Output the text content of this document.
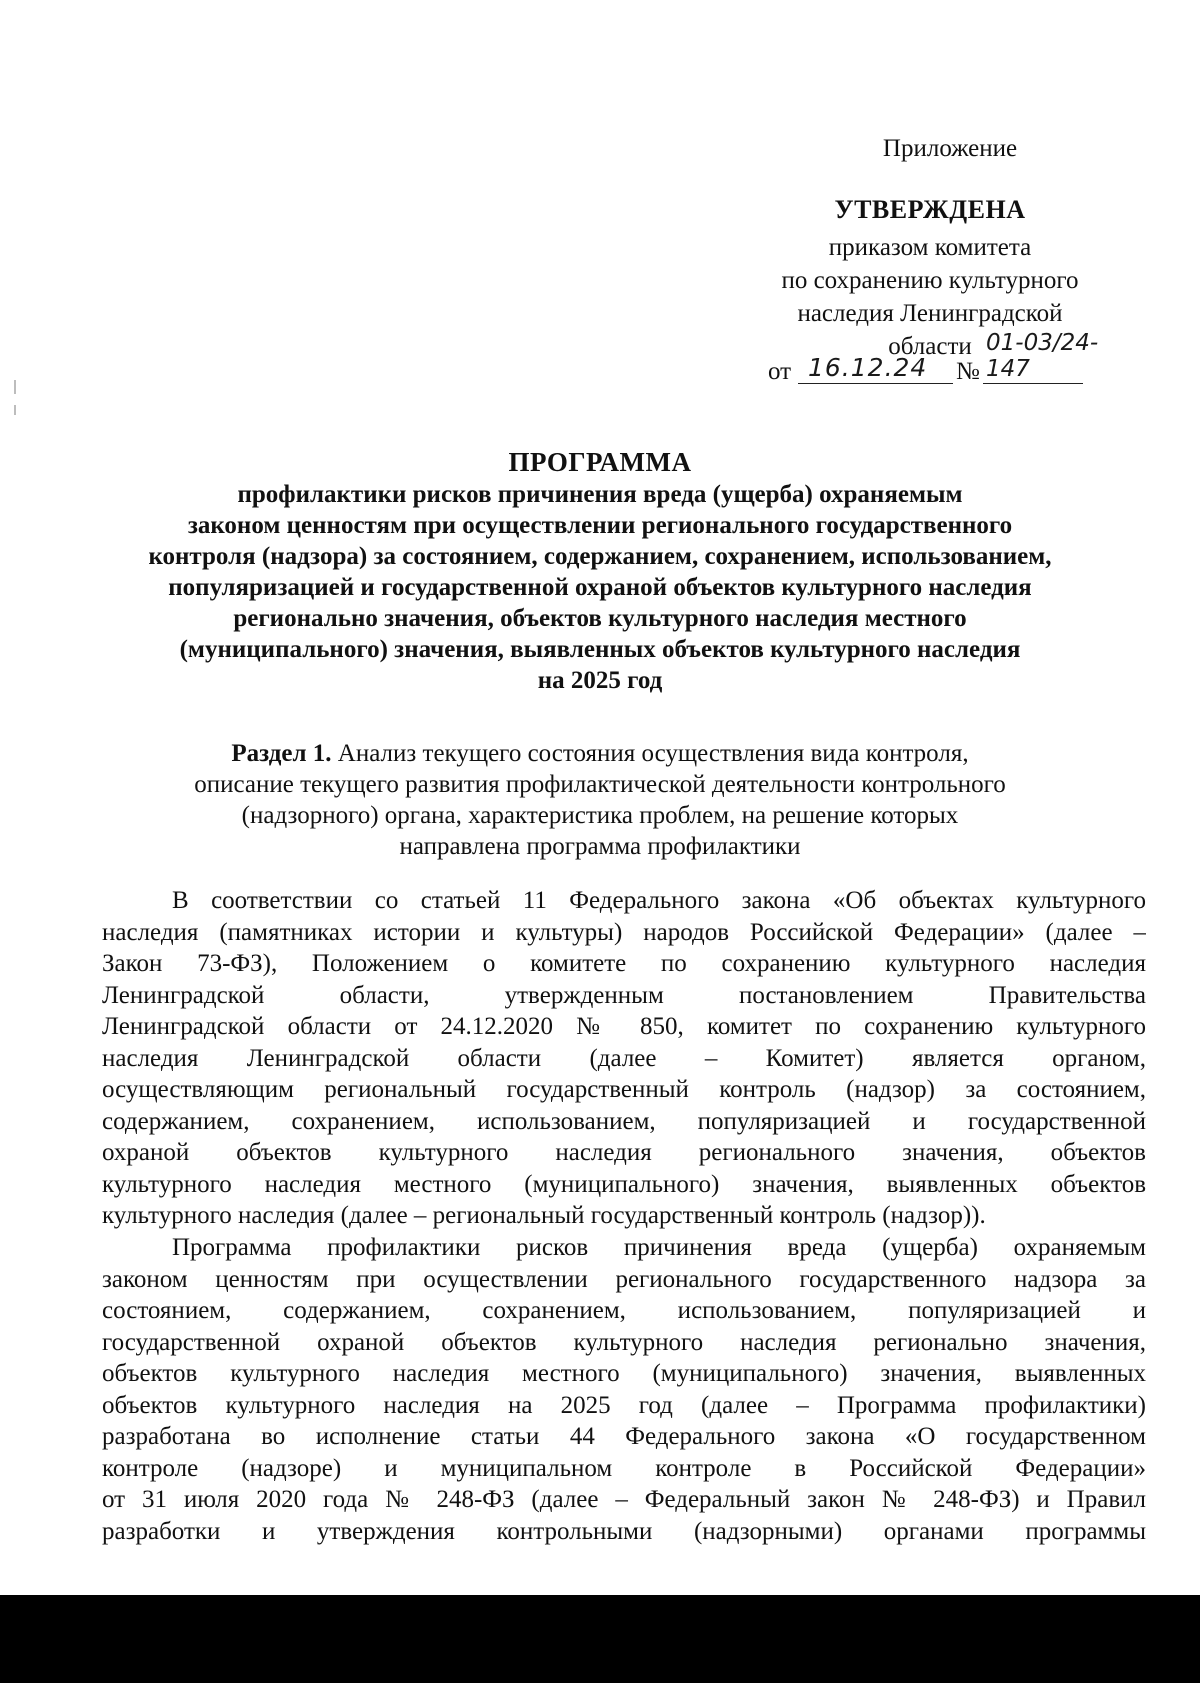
Приложение
УТВЕРЖДЕНА
приказом комитета
по сохранению культурного
наследия Ленинградской
области
от 16.12.24 №
01-03/24-147
ПРОГРАММА
профилактики рисков причинения вреда (ущерба) охраняемым
законом ценностям при осуществлении регионального государственного
контроля (надзора) за состоянием, содержанием, сохранением, использованием,
популяризацией и государственной охраной объектов культурного наследия
регионально значения, объектов культурного наследия местного
(муниципального) значения, выявленных объектов культурного наследия
на 2025 год
Раздел 1. Анализ текущего состояния осуществления вида контроля,
описание текущего развития профилактической деятельности контрольного
(надзорного) органа, характеристика проблем, на решение которых
направлена программа профилактики
В соответствии со статьей 11 Федерального закона «Об объектах культурного
наследия (памятниках истории и культуры) народов Российской Федерации» (далее –
Закон 73-ФЗ), Положением о комитете по сохранению культурного наследия
Ленинградской области, утвержденным постановлением Правительства
Ленинградской области от 24.12.2020 № 850, комитет по сохранению культурного
наследия Ленинградской области (далее – Комитет) является органом,
осуществляющим региональный государственный контроль (надзор) за состоянием,
содержанием, сохранением, использованием, популяризацией и государственной
охраной объектов культурного наследия регионального значения, объектов
культурного наследия местного (муниципального) значения, выявленных объектов
культурного наследия (далее – региональный государственный контроль (надзор)).
Программа профилактики рисков причинения вреда (ущерба) охраняемым
законом ценностям при осуществлении регионального государственного надзора за
состоянием, содержанием, сохранением, использованием, популяризацией и
государственной охраной объектов культурного наследия регионально значения,
объектов культурного наследия местного (муниципального) значения, выявленных
объектов культурного наследия на 2025 год (далее – Программа профилактики)
разработана во исполнение статьи 44 Федерального закона «О государственном
контроле (надзоре) и муниципальном контроле в Российской Федерации»
от 31 июля 2020 года № 248-ФЗ (далее – Федеральный закон № 248-ФЗ) и Правил
разработки и утверждения контрольными (надзорными) органами программы
